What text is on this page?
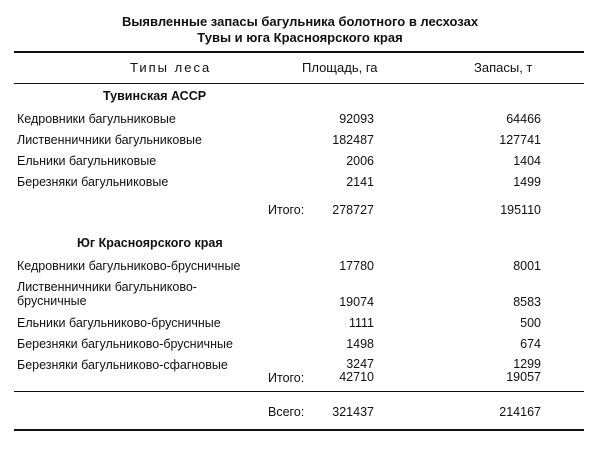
Выявленные запасы багульника болотного в лесхозах
Тувы и юга Красноярского края
Типы леса	Площадь, га	Запасы, т
Тувинская АССР
Кедровники багульниковые	92093	64466
Лиственничники багульниковые	182487	127741
Ельники багульниковые	2006	1404
Березняки багульниковые	2141	1499
Итого:	278727	195110
Юг Красноярского края
Кедровники багульниково-брусничные	17780	8001
Лиственничники багульниково-
брусничные	19074	8583
Ельники багульниково-брусничные	1111	500
Березняки багульниково-брусничные	1498	674
Березняки багульниково-сфагновые	3247	1299
Итого:	42710	19057
Всего:	321437	214167
